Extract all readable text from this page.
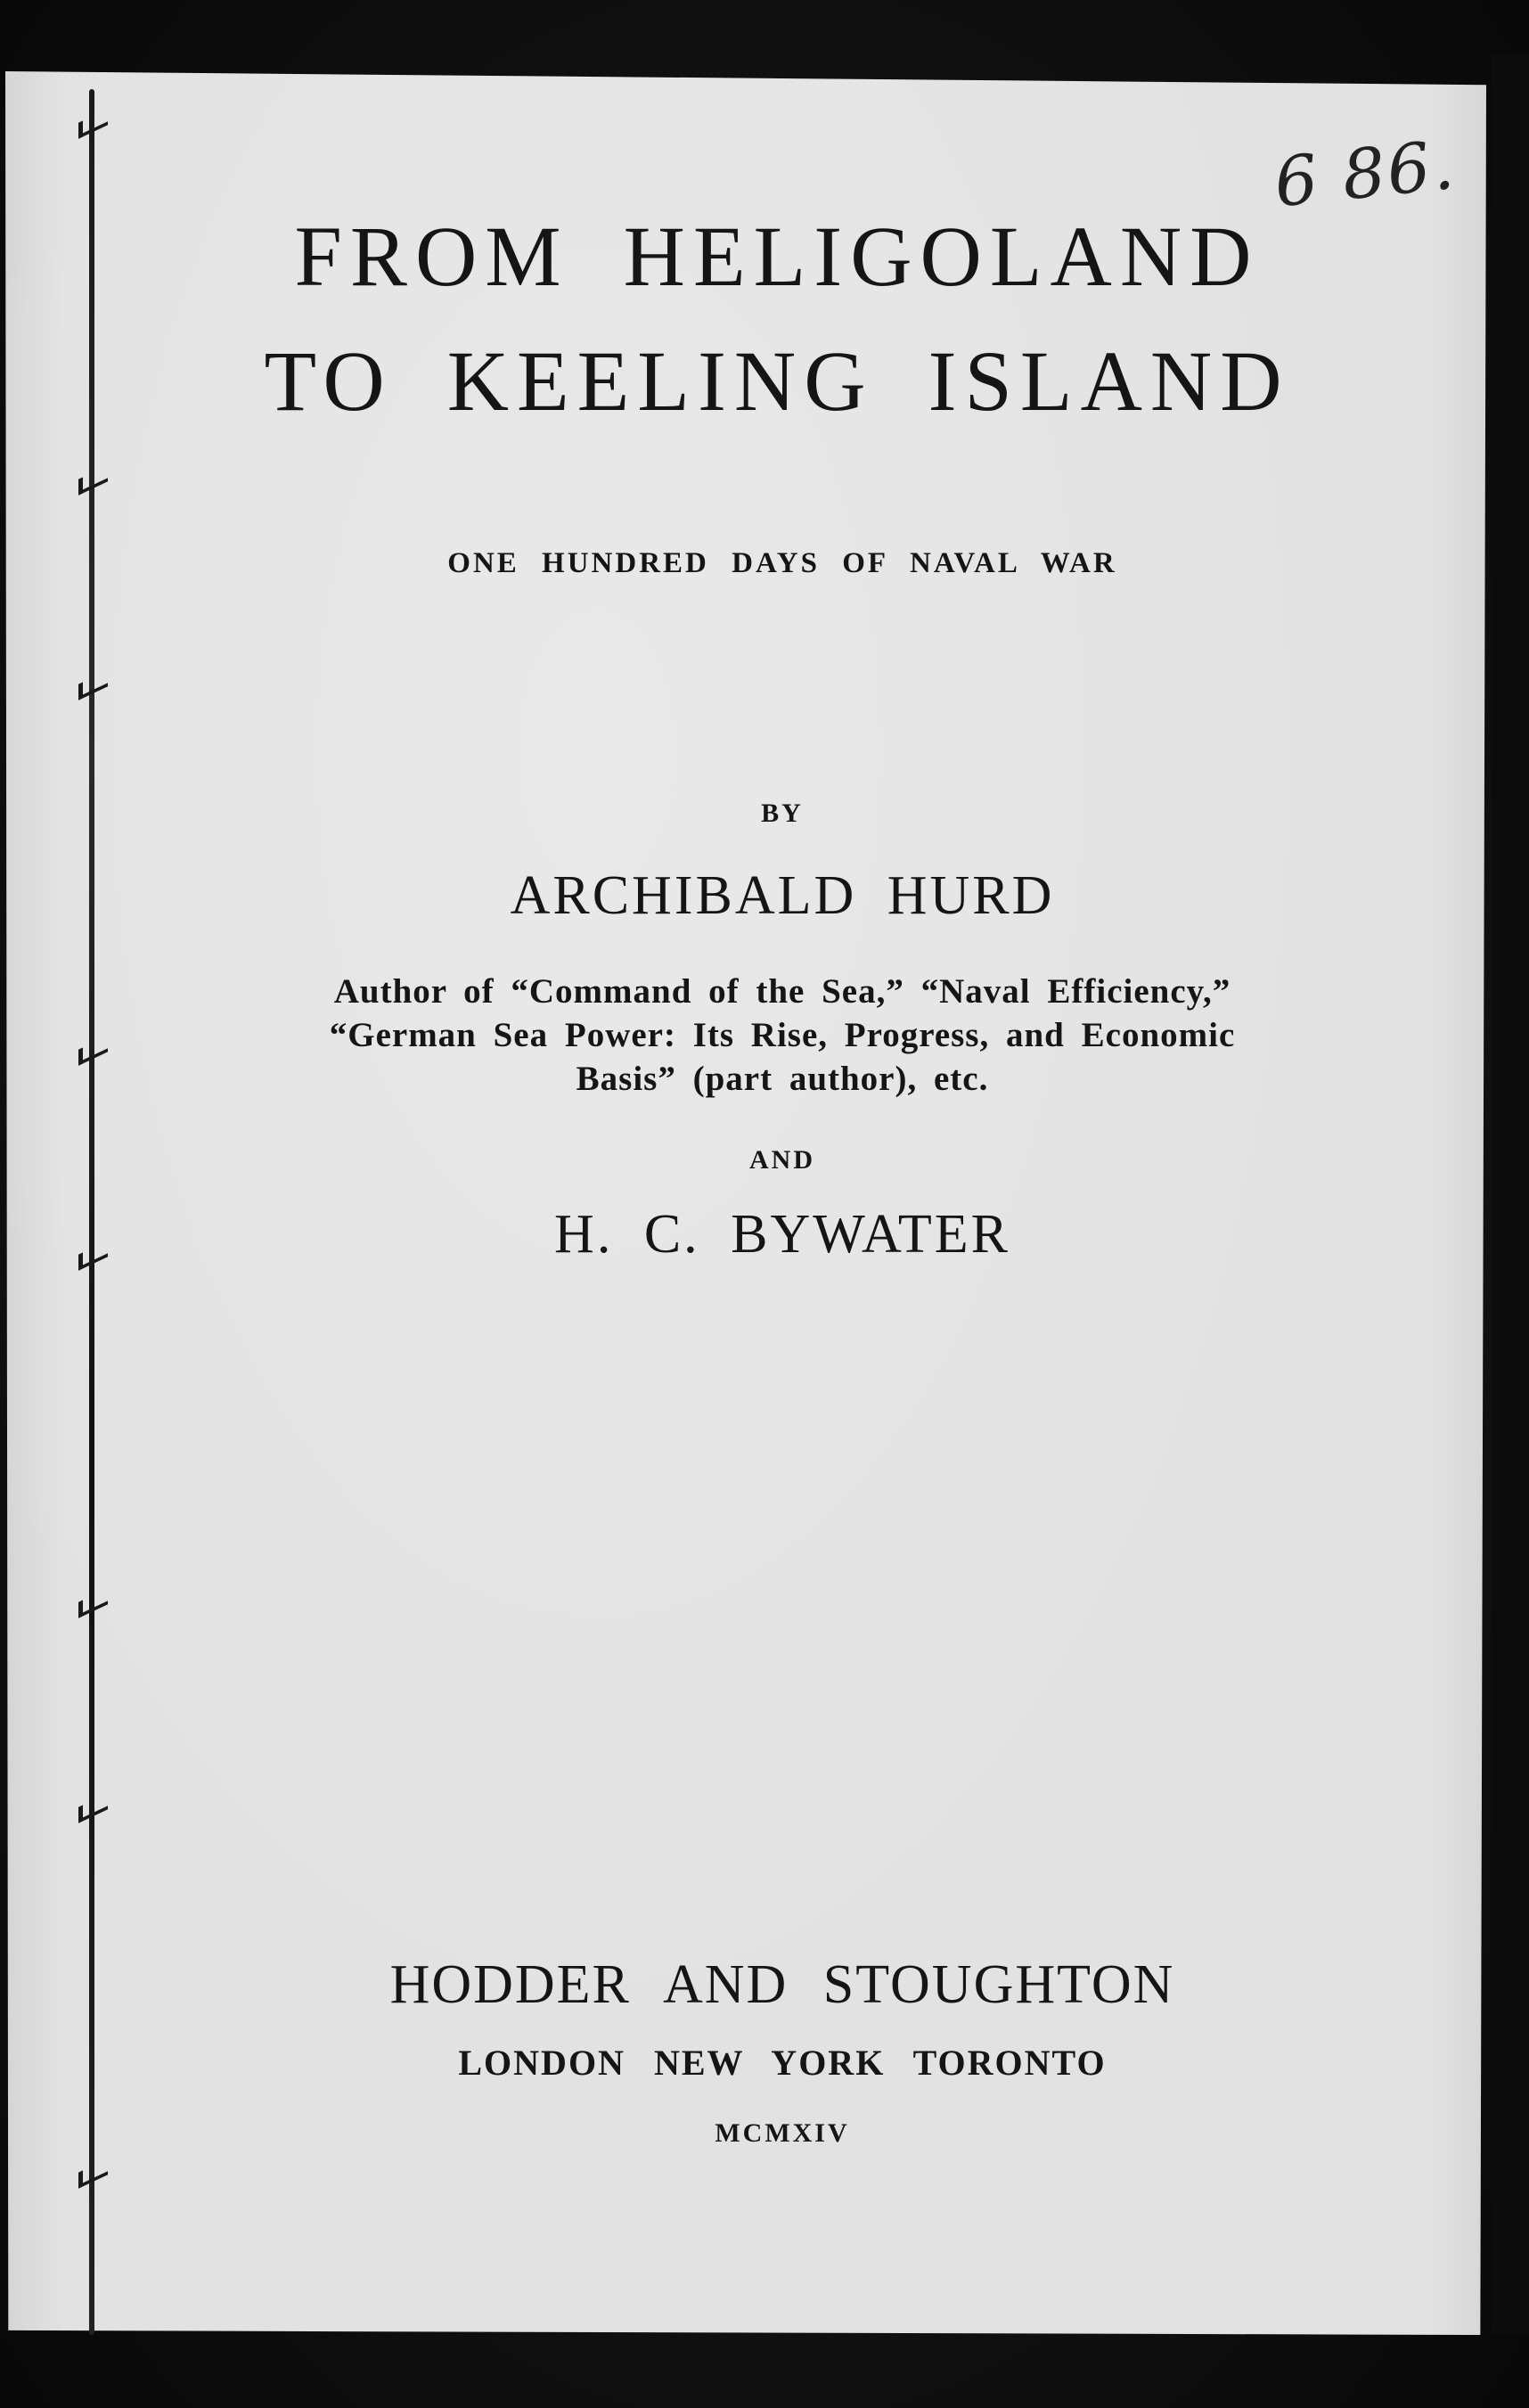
6 86.
FROM HELIGOLAND
TO KEELING ISLAND
ONE HUNDRED DAYS OF NAVAL WAR
BY
ARCHIBALD HURD
Author of “Command of the Sea,” “Naval Efficiency,”
“German Sea Power: Its Rise, Progress, and Economic
Basis” (part author), etc.
AND
H. C. BYWATER
HODDER AND STOUGHTON
LONDON NEW YORK TORONTO
MCMXIV
